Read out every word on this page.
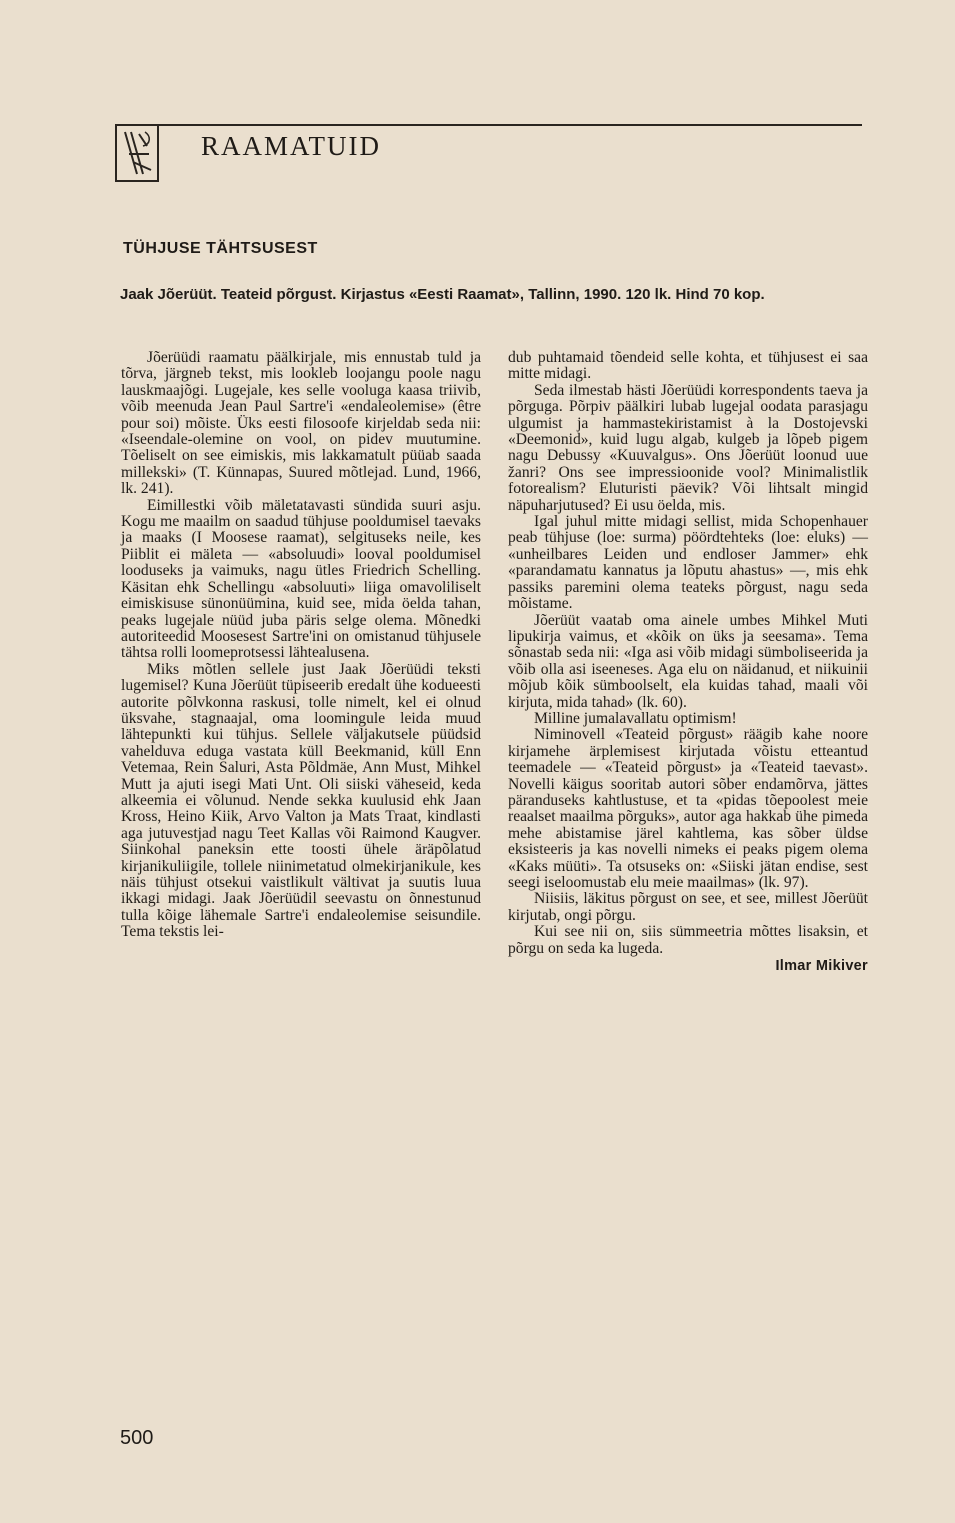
RAAMATUID
TÜHJUSE TÄHTSUSEST
Jaak Jõerüüt. Teateid põrgust. Kirjastus «Eesti Raamat», Tallinn, 1990. 120 lk. Hind 70 kop.

Jõerüüdi raamatu päälkirjale, mis ennustab tuld ja tõrva, järgneb tekst, mis lookleb loojangu poole nagu lauskmaajõgi. Lugejale, kes selle vooluga kaasa triivib, võib meenuda Jean Paul Sartre'i «endaleolemise» (être pour soi) mõiste. Üks eesti filosoofe kirjeldab seda nii: «Iseendale-olemine on vool, on pidev muutumine. Tõeliselt on see eimiskis, mis lakkamatult püüab saada millekski» (T. Künnapas, Suured mõtlejad. Lund, 1966, lk. 241).

Eimillestki võib mäletatavasti sündida suuri asju. Kogu me maailm on saadud tühjuse pooldumisel taevaks ja maaks (I Moosese raamat), selgituseks neile, kes Piiblit ei mäleta — «absoluudi» looval pooldumisel looduseks ja vaimuks, nagu ütles Friedrich Schelling. Käsitan ehk Schellingu «absoluuti» liiga omavoliliselt eimiskisuse sünonüümina, kuid see, mida öelda tahan, peaks lugejale nüüd juba päris selge olema. Mõnedki autoriteedid Moosesest Sartre'ini on omistanud tühjusele tähtsa rolli loomeprotsessi lähtealusena.

Miks mõtlen sellele just Jaak Jõerüüdi teksti lugemisel? Kuna Jõerüüt tüpiseerib eredalt ühe kodueesti autorite põlvkonna raskusi, tolle nimelt, kel ei olnud üksvahe, stagnaajal, oma loomingule leida muud lähtepunkti kui tühjus. Sellele väljakutsele püüdsid vahelduva eduga vastata küll Beekmanid, küll Enn Vetemaa, Rein Saluri, Asta Põldmäe, Ann Must, Mihkel Mutt ja ajuti isegi Mati Unt. Oli siiski väheseid, keda alkeemia ei võlunud. Nende sekka kuulusid ehk Jaan Kross, Heino Kiik, Arvo Valton ja Mats Traat, kindlasti aga jutuvestjad nagu Teet Kallas või Raimond Kaugver. Siinkohal paneksin ette toosti ühele äräpõlatud kirjanikuliigile, tollele niinimetatud olmekirjanikule, kes näis tühjust otsekui vaistlikult vältivat ja suutis luua ikkagi midagi. Jaak Jõerüüdil seevastu on õnnestunud tulla kõige lähemale Sartre'i endaleolemise seisundile. Tema tekstis lei-

dub puhtamaid tõendeid selle kohta, et tühjusest ei saa mitte midagi.

Seda ilmestab hästi Jõerüüdi korrespondents taeva ja põrguga. Põrpiv päälkiri lubab lugejal oodata parasjagu ulgumist ja hammastekiristamist à la Dostojevski «Deemonid», kuid lugu algab, kulgeb ja lõpeb pigem nagu Debussy «Kuuvalgus». Ons Jõerüüt loonud uue žanri? Ons see impressioonide vool? Minimalistlik fotorealism? Eluturisti päevik? Või lihtsalt mingid näpuharjutused? Ei usu öelda, mis.

Igal juhul mitte midagi sellist, mida Schopenhauer peab tühjuse (loe: surma) pöördtehteks (loe: eluks) — «unheilbares Leiden und endloser Jammer» ehk «parandamatu kannatus ja lõputu ahastus» —, mis ehk passiks paremini olema teateks põrgust, nagu seda mõistame.

Jõerüüt vaatab oma ainele umbes Mihkel Muti lipukirja vaimus, et «kõik on üks ja seesama». Tema sõnastab seda nii: «Iga asi võib midagi sümboliseerida ja võib olla asi iseeneses. Aga elu on näidanud, et niikuinii mõjub kõik sümboolselt, ela kuidas tahad, maali või kirjuta, mida tahad» (lk. 60).

Milline jumalavallatu optimism!

Niminovell «Teateid põrgust» räägib kahe noore kirjamehe ärplemisest kirjutada võistu etteantud teemadele — «Teateid põrgust» ja «Teateid taevast». Novelli käigus sooritab autori sõber endamõrva, jättes päranduseks kahtlustuse, et ta «pidas tõepoolest meie reaalset maailma põrguks», autor aga hakkab ühe pimeda mehe abistamise järel kahtlema, kas sõber üldse eksisteeris ja kas novelli nimeks ei peaks pigem olema «Kaks müüti». Ta otsuseks on: «Siiski jätan endise, sest seegi iseloomustab elu meie maailmas» (lk. 97).

Niisiis, läkitus põrgust on see, et see, millest Jõerüüt kirjutab, ongi põrgu.

Kui see nii on, siis sümmeetria mõttes lisaksin, et põrgu on seda ka lugeda.

Ilmar Mikiver
500
